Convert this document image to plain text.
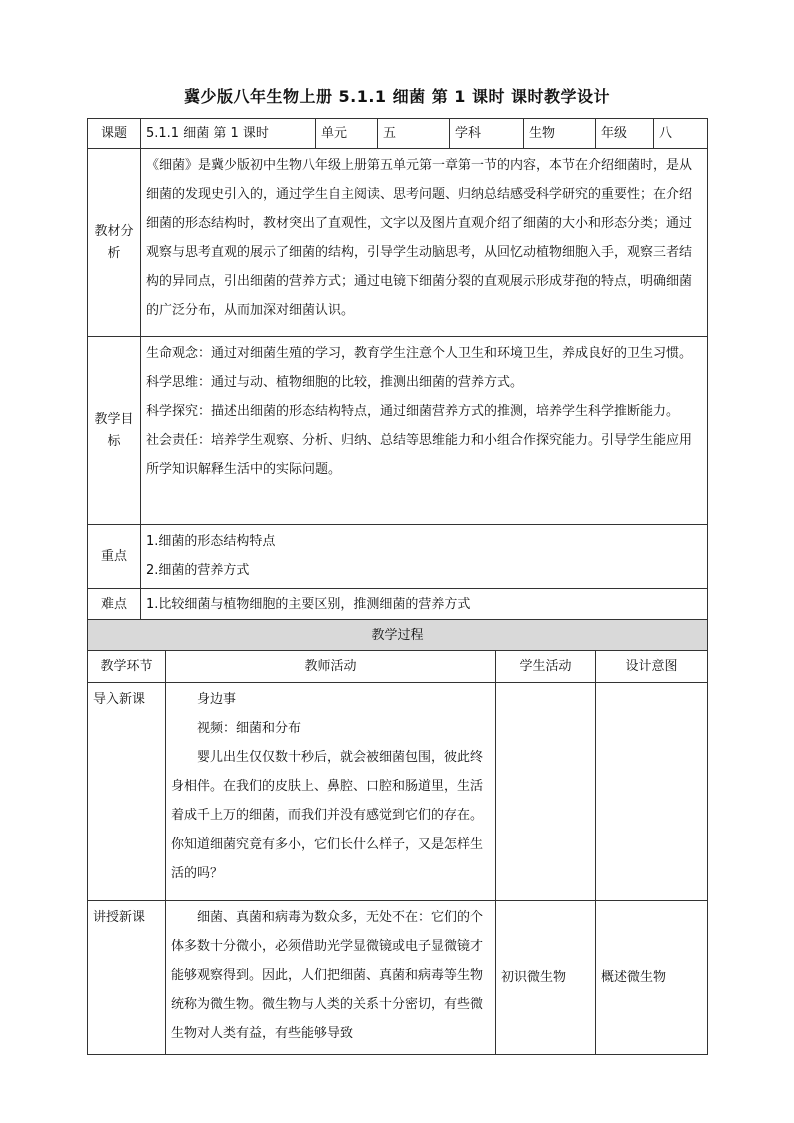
冀少版八年生物上册 5.1.1 细菌 第 1 课时 课时教学设计
课题	5.1.1 细菌 第 1 课时		单元	五	学科		生物	年级	八
教材分析	《细菌》是冀少版初中生物八年级上册第五单元第一章第一节的内容，本节在介绍细菌时，是从细菌的发现史引入的，通过学生自主阅读、思考问题、归纳总结感受科学研究的重要性；在介绍细菌的形态结构时，教材突出了直观性，文字以及图片直观介绍了细菌的大小和形态分类；通过观察与思考直观的展示了细菌的结构，引导学生动脑思考，从回忆动植物细胞入手，观察三者结构的异同点，引出细菌的营养方式；通过电镜下细菌分裂的直观展示形成芽孢的特点，明确细菌的广泛分布，从而加深对细菌认识。								

教学目标	生命观念：通过对细菌生殖的学习，教育学生注意个人卫生和环境卫生，养成良好的卫生习惯。

科学思维：通过与动、植物细胞的比较，推测出细菌的营养方式。

科学探究：描述出细菌的形态结构特点，通过细菌营养方式的推测，培养学生科学推断能力。

社会责任：培养学生观察、分析、归纳、总结等思维能力和小组合作探究能力。引导学生能应用所学知识解释生活中的实际问题。								

重点	1.细菌的形态结构特点

2.细菌的营养方式								

难点	1.比较细菌与植物细胞的主要区别，推测细菌的营养方式								
教学过程									
教学环节		教师活动				学生活动		设计意图	

导入新课		身边事

视频：细菌和分布

婴儿出生仅仅数十秒后，就会被细菌包围，彼此终身相伴。在我们的皮肤上、鼻腔、口腔和肠道里，生活着成千上万的细菌，而我们并没有感觉到它们的存在。你知道细菌究竟有多小，它们长什么样子，又是怎样生活的吗？							

讲授新课		细菌、真菌和病毒为数众多，无处不在：它们的个体多数十分微小，必须借助光学显微镜或电子显微镜才能够观察得到。因此，人们把细菌、真菌和病毒等生物统称为微生物。微生物与人类的关系十分密切，有些微生物对人类有益，有些能够导致				初识微生物		概述微生物	
